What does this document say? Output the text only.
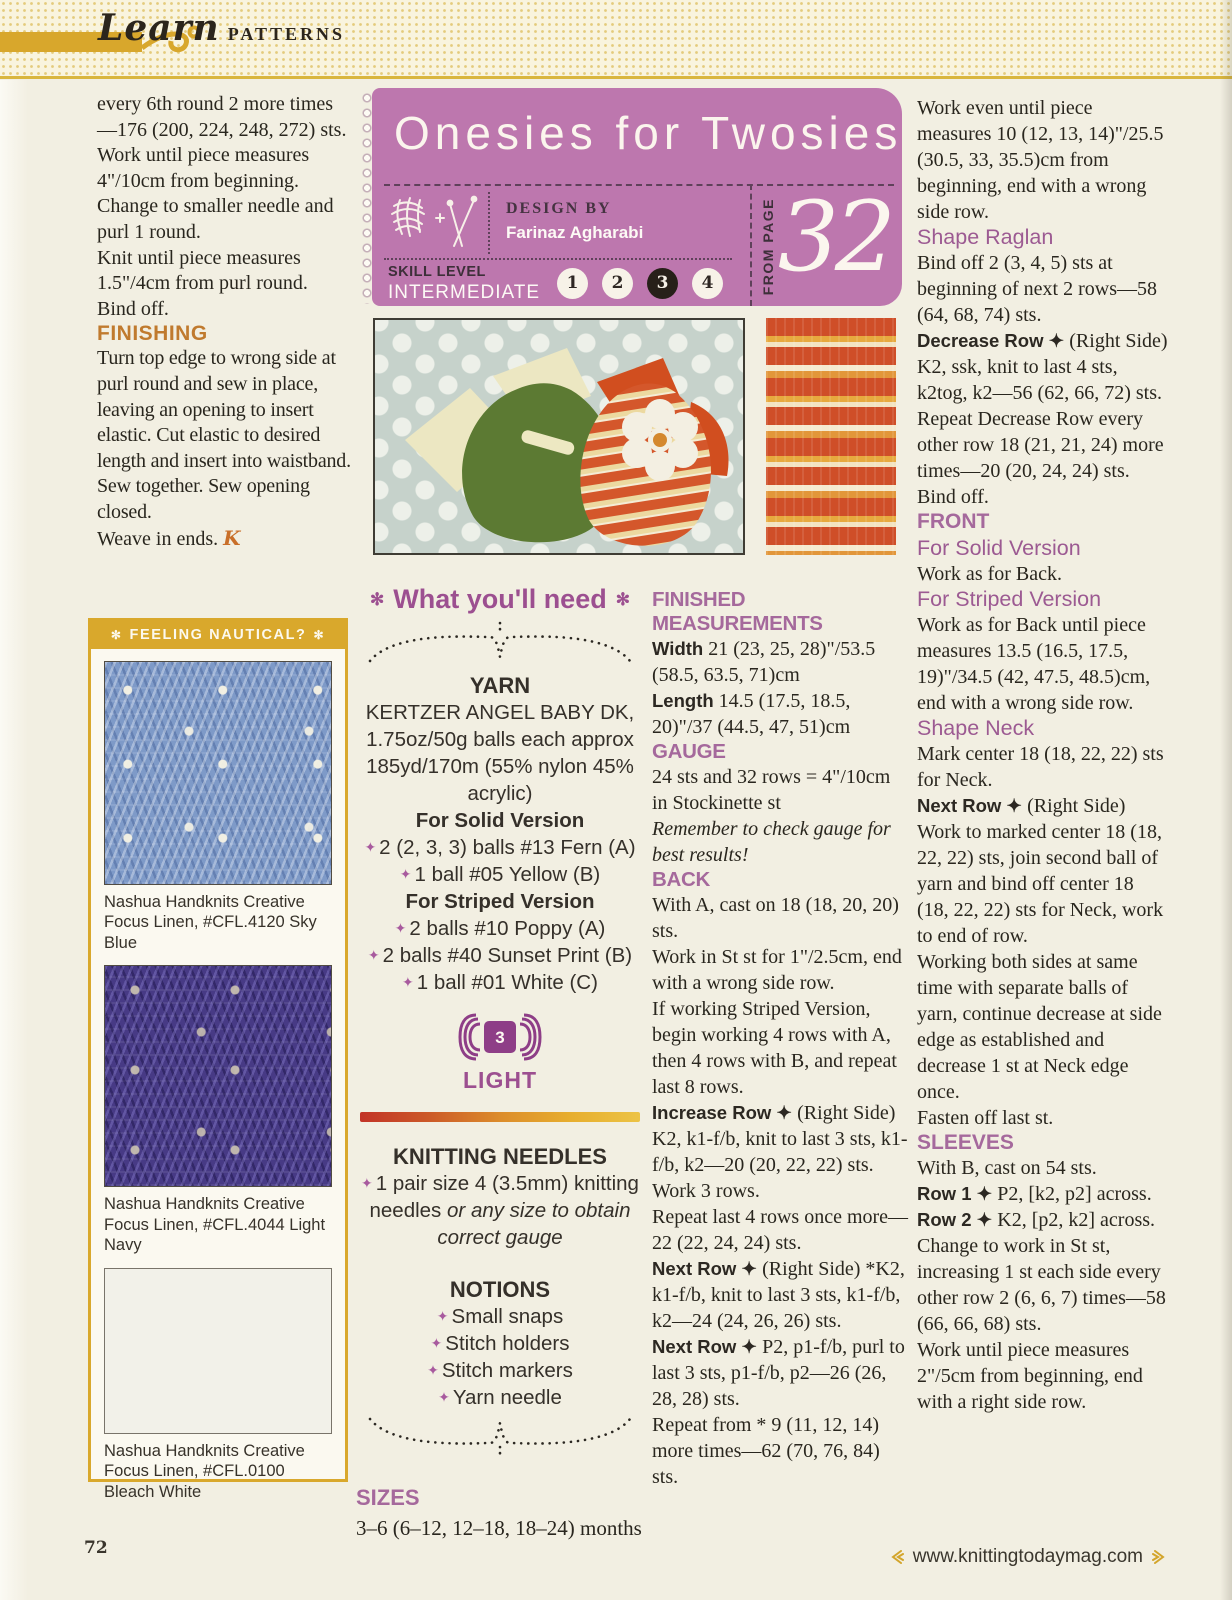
Learn PATTERNS

every 6th round 2 more times—176 (200, 224, 248, 272) sts.

Work until piece measures 4"/10cm from beginning.

Change to smaller needle and purl 1 round.

Knit until piece measures 1.5"/4cm from purl round.

Bind off.

FINISHING

Turn top edge to wrong side at purl round and sew in place, leaving an opening to insert elastic. Cut elastic to desired length and insert into waistband. Sew together. Sew opening closed.

Weave in ends. K

✻ FEELING NAUTICAL? ✻

Nashua Handknits Creative Focus Linen, #CFL.4120 Sky Blue

Nashua Handknits Creative Focus Linen, #CFL.4044 Light Navy

Nashua Handknits Creative Focus Linen, #CFL.0100 Bleach White

Onesies for Twosies
DESIGN BY
Farinaz Agharabi
SKILL LEVEL
INTERMEDIATE	1	2	3	4	FROM PAGE 32
✻ What you'll need ✻
YARN

KERTZER ANGEL BABY DK, 1.75oz/50g balls each approx 185yd/170m (55% nylon 45% acrylic)

For Solid Version

✦ 2 (2, 3, 3) balls #13 Fern (A)

✦ 1 ball #05 Yellow (B)

For Striped Version

✦ 2 balls #10 Poppy (A)

✦ 2 balls #40 Sunset Print (B)

✦ 1 ball #01 White (C)

3
LIGHT
KNITTING NEEDLES

✦ 1 pair size 4 (3.5mm) knitting needles or any size to obtain correct gauge

NOTIONS

✦ Small snaps

✦ Stitch holders

✦ Stitch markers

✦ Yarn needle

SIZES

3–6 (6–12, 12–18, 18–24) months

FINISHED MEASUREMENTS

Width 21 (23, 25, 28)"/53.5 (58.5, 63.5, 71)cm

Length 14.5 (17.5, 18.5, 20)"/37 (44.5, 47, 51)cm

GAUGE

24 sts and 32 rows = 4"/10cm in Stockinette st

Remember to check gauge for best results!

BACK

With A, cast on 18 (18, 20, 20) sts.

Work in St st for 1"/2.5cm, end with a wrong side row.

If working Striped Version, begin working 4 rows with A, then 4 rows with B, and repeat last 8 rows.

Increase Row ✦ (Right Side) K2, k1-f/b, knit to last 3 sts, k1-f/b, k2—20 (20, 22, 22) sts.

Work 3 rows.

Repeat last 4 rows once more—22 (22, 24, 24) sts.

Next Row ✦ (Right Side) *K2, k1-f/b, knit to last 3 sts, k1-f/b, k2—24 (24, 26, 26) sts.

Next Row ✦ P2, p1-f/b, purl to last 3 sts, p1-f/b, p2—26 (26, 28, 28) sts.

Repeat from * 9 (11, 12, 14) more times—62 (70, 76, 84) sts.

Work even until piece measures 10 (12, 13, 14)"/25.5 (30.5, 33, 35.5)cm from beginning, end with a wrong side row.

Shape Raglan

Bind off 2 (3, 4, 5) sts at beginning of next 2 rows—58 (64, 68, 74) sts.

Decrease Row ✦ (Right Side) K2, ssk, knit to last 4 sts, k2tog, k2—56 (62, 66, 72) sts.

Repeat Decrease Row every other row 18 (21, 21, 24) more times—20 (20, 24, 24) sts.

Bind off.

FRONT

For Solid Version

Work as for Back.

For Striped Version

Work as for Back until piece measures 13.5 (16.5, 17.5, 19)"/34.5 (42, 47.5, 48.5)cm, end with a wrong side row.

Shape Neck

Mark center 18 (18, 22, 22) sts for Neck.

Next Row ✦ (Right Side) Work to marked center 18 (18, 22, 22) sts, join second ball of yarn and bind off center 18 (18, 22, 22) sts for Neck, work to end of row.

Working both sides at same time with separate balls of yarn, continue decrease at side edge as established and decrease 1 st at Neck edge once.

Fasten off last st.

SLEEVES

With B, cast on 54 sts.

Row 1 ✦ P2, [k2, p2] across.

Row 2 ✦ K2, [p2, k2] across.

Change to work in St st, increasing 1 st each side every other row 2 (6, 6, 7) times—58 (66, 66, 68) sts.

Work until piece measures 2"/5cm from beginning, end with a right side row.

72	www.knittingtodaymag.com
